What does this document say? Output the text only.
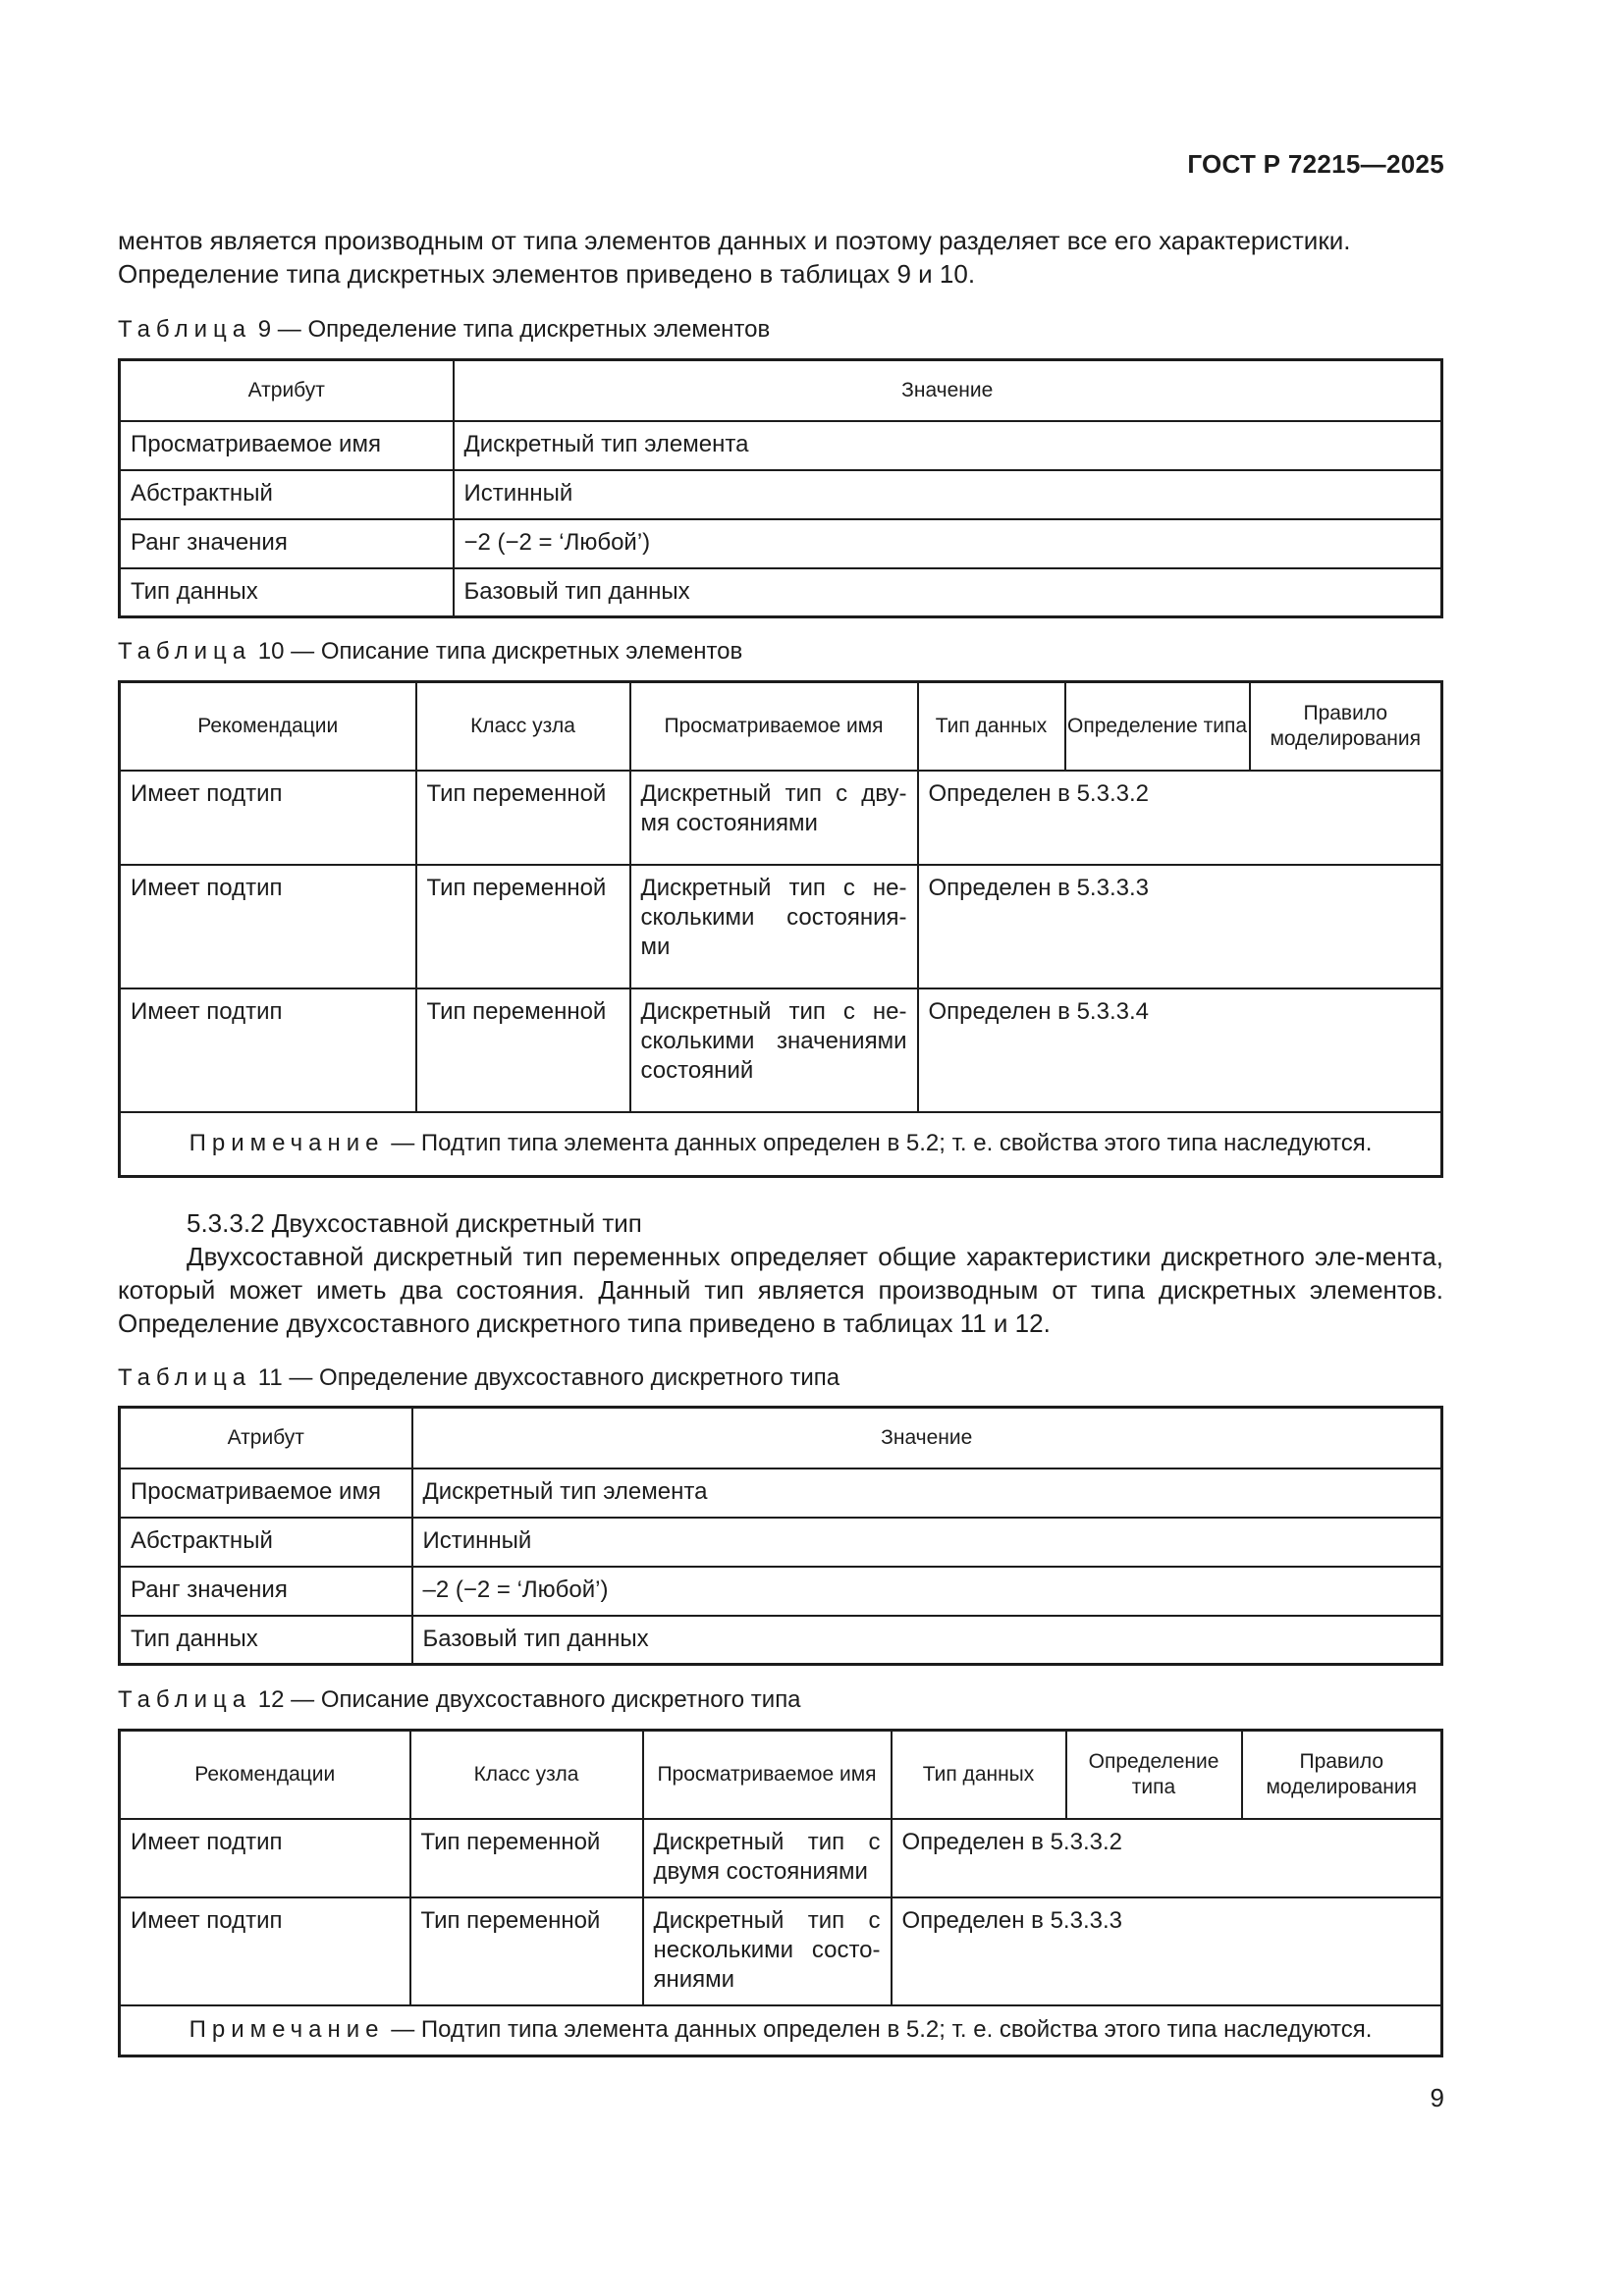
ГОСТ Р 72215—2025
ментов является производным от типа элементов данных и поэтому разделяет все его характеристики.
Определение типа дискретных элементов приведено в таблицах 9 и 10.
Таблица 9 — Определение типа дискретных элементов
Атрибут	Значение
Просматриваемое имя	Дискретный тип элемента
Абстрактный	Истинный
Ранг значения	−2 (−2 = ‘Любой’)
Тип данных	Базовый тип данных
Таблица 10 — Описание типа дискретных элементов
Рекомендации	Класс узла	Просматриваемое имя	Тип данных	Определение типа	Правило моделирования
Имеет подтип	Тип переменной	Дискретный тип с дву-мя состояниями	Определен в 5.3.3.2		
Имеет подтип	Тип переменной	Дискретный тип с не-сколькими состояния-ми	Определен в 5.3.3.3		
Имеет подтип	Тип переменной	Дискретный тип с не-сколькими значениями состояний	Определен в 5.3.3.4		
Примечание — Подтип типа элемента данных определен в 5.2; т. е. свойства этого типа наследуются.					
5.3.3.2 Двухсоставной дискретный тип
Двухсоставной дискретный тип переменных определяет общие характеристики дискретного эле-мента, который может иметь два состояния. Данный тип является производным от типа дискретных элементов. Определение двухсоставного дискретного типа приведено в таблицах 11 и 12.
Таблица 11 — Определение двухсоставного дискретного типа
Атрибут	Значение
Просматриваемое имя	Дискретный тип элемента
Абстрактный	Истинный
Ранг значения	–2 (−2 = ‘Любой’)
Тип данных	Базовый тип данных
Таблица 12 — Описание двухсоставного дискретного типа
Рекомендации	Класс узла	Просматриваемое имя	Тип данных	Определение типа	Правило моделирования
Имеет подтип	Тип переменной	Дискретный тип с двумя состояниями	Определен в 5.3.3.2		
Имеет подтип	Тип переменной	Дискретный тип с несколькими состо-яниями	Определен в 5.3.3.3		
Примечание — Подтип типа элемента данных определен в 5.2; т. е. свойства этого типа наследуются.					
9
